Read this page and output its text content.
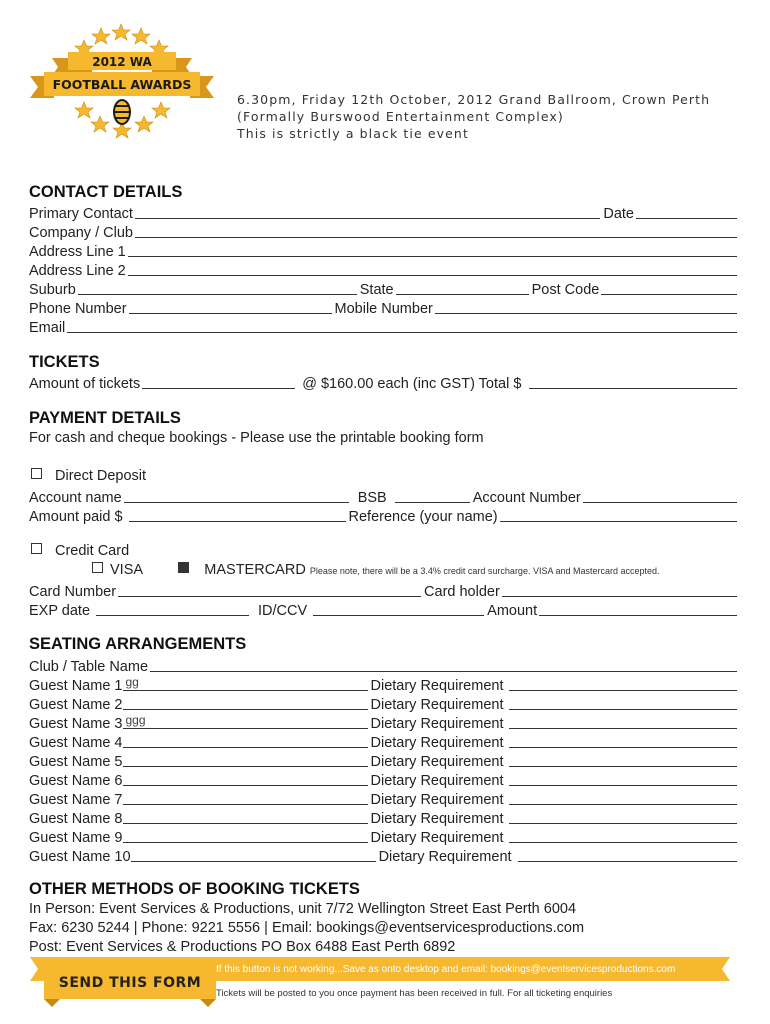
2012 WA
FOOTBALL AWARDS
6.30pm, Friday 12th October, 2012 Grand Ballroom, Crown Perth
(Formally Burswood Entertainment Complex)
This is strictly a black tie event
CONTACT DETAILS
Primary Contact	Date
Company / Club
Address Line 1
Address Line 2
Suburb	State	Post Code
Phone Number	Mobile Number
Email
TICKETS
Amount of tickets	@ $160.00 each (inc GST) Total $
PAYMENT DETAILS
For cash and cheque bookings - Please use the printable booking form
Direct Deposit
Account name	BSB	Account Number
Amount paid $	Reference (your name)
Credit Card
VISA	MASTERCARD Please note, there will be a 3.4% credit card surcharge. VISA and Mastercard accepted.
Card Number	Card holder
EXP date	ID/CCV	Amount
SEATING ARRANGEMENTS
Club / Table Name
Guest Name 1 gg	Dietary Requirement
Guest Name 2	Dietary Requirement
Guest Name 3 ggg	Dietary Requirement
Guest Name 4	Dietary Requirement
Guest Name 5	Dietary Requirement
Guest Name 6	Dietary Requirement
Guest Name 7	Dietary Requirement
Guest Name 8	Dietary Requirement
Guest Name 9	Dietary Requirement
Guest Name 10	Dietary Requirement
OTHER METHODS OF BOOKING TICKETS
In Person: Event Services & Productions, unit 7/72 Wellington Street East Perth 6004
Fax: 6230 5244 | Phone: 9221 5556 | Email: bookings@eventservicesproductions.com
Post: Event Services & Productions PO Box 6488 East Perth 6892
SEND THIS FORM
If this button is not working...Save as onto desktop and email: bookings@eventservicesproductions.com
Tickets will be posted to you once payment has been received in full. For all ticketing enquiries
